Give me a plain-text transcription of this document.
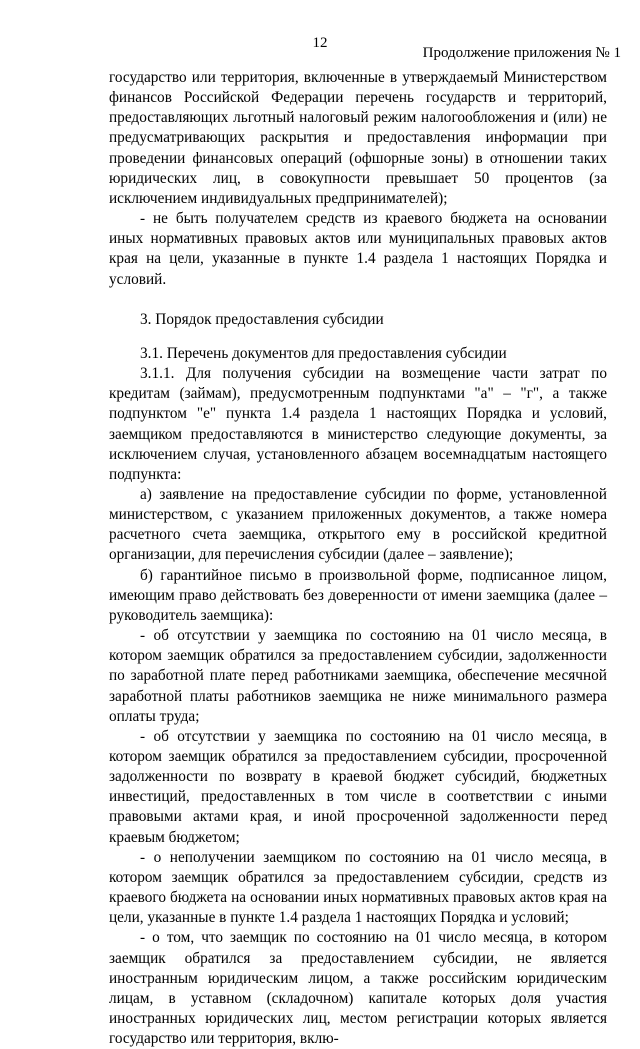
12
Продолжение приложения № 1

государство или территория, включенные в утверждаемый Министерством финансов Российской Федерации перечень государств и территорий, предоставляющих льготный налоговый режим налогообложения и (или) не предусматривающих раскрытия и предоставления информации при проведении финансовых операций (офшорные зоны) в отношении таких юридических лиц, в совокупности превышает 50 процентов (за исключением индивидуальных предпринимателей);

- не быть получателем средств из краевого бюджета на основании иных нормативных правовых актов или муниципальных правовых актов края на цели, указанные в пункте 1.4 раздела 1 настоящих Порядка и условий.

3. Порядок предоставления субсидии

3.1. Перечень документов для предоставления субсидии

3.1.1. Для получения субсидии на возмещение части затрат по кредитам (займам), предусмотренным подпунктами "а" – "г", а также подпунктом "е" пункта 1.4 раздела 1 настоящих Порядка и условий, заемщиком предоставляются в министерство следующие документы, за исключением случая, установленного абзацем восемнадцатым настоящего подпункта:

а) заявление на предоставление субсидии по форме, установленной министерством, с указанием приложенных документов, а также номера расчетного счета заемщика, открытого ему в российской кредитной организации, для перечисления субсидии (далее – заявление);

б) гарантийное письмо в произвольной форме, подписанное лицом, имеющим право действовать без доверенности от имени заемщика (далее – руководитель заемщика):

- об отсутствии у заемщика по состоянию на 01 число месяца, в котором заемщик обратился за предоставлением субсидии, задолженности по заработной плате перед работниками заемщика, обеспечение месячной заработной платы работников заемщика не ниже минимального размера оплаты труда;

- об отсутствии у заемщика по состоянию на 01 число месяца, в котором заемщик обратился за предоставлением субсидии, просроченной задолженности по возврату в краевой бюджет субсидий, бюджетных инвестиций, предоставленных в том числе в соответствии с иными правовыми актами края, и иной просроченной задолженности перед краевым бюджетом;

- о неполучении заемщиком по состоянию на 01 число месяца, в котором заемщик обратился за предоставлением субсидии, средств из краевого бюджета на основании иных нормативных правовых актов края на цели, указанные в пункте 1.4 раздела 1 настоящих Порядка и условий;

- о том, что заемщик по состоянию на 01 число месяца, в котором заемщик обратился за предоставлением субсидии, не является иностранным юридическим лицом, а также российским юридическим лицам, в уставном (складочном) капитале которых доля участия иностранных юридических лиц, местом регистрации которых является государство или территория, вклю-
